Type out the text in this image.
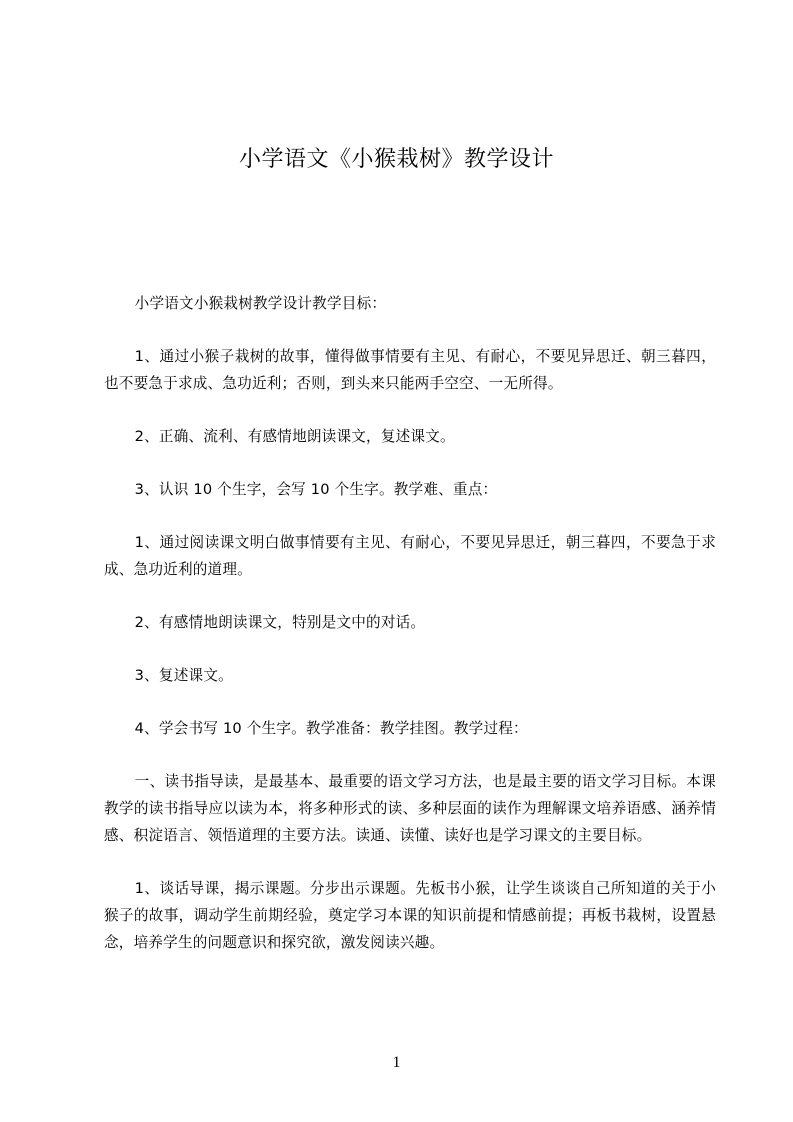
小学语文《小猴栽树》教学设计

小学语文小猴栽树教学设计教学目标：

1、通过小猴子栽树的故事，懂得做事情要有主见、有耐心，不要见异思迁、朝三暮四，也不要急于求成、急功近利；否则，到头来只能两手空空、一无所得。

2、正确、流利、有感情地朗读课文，复述课文。

3、认识 10 个生字，会写 10 个生字。教学难、重点：

1、通过阅读课文明白做事情要有主见、有耐心，不要见异思迁，朝三暮四，不要急于求成、急功近利的道理。

2、有感情地朗读课文，特别是文中的对话。

3、复述课文。

4、学会书写 10 个生字。教学准备：教学挂图。教学过程：

一、读书指导读，是最基本、最重要的语文学习方法，也是最主要的语文学习目标。本课教学的读书指导应以读为本，将多种形式的读、多种层面的读作为理解课文培养语感、涵养情感、积淀语言、领悟道理的主要方法。读通、读懂、读好也是学习课文的主要目标。

1、谈话导课，揭示课题。分步出示课题。先板书小猴，让学生谈谈自己所知道的关于小猴子的故事，调动学生前期经验，奠定学习本课的知识前提和情感前提；再板书栽树，设置悬念，培养学生的问题意识和探究欲，激发阅读兴趣。

1
